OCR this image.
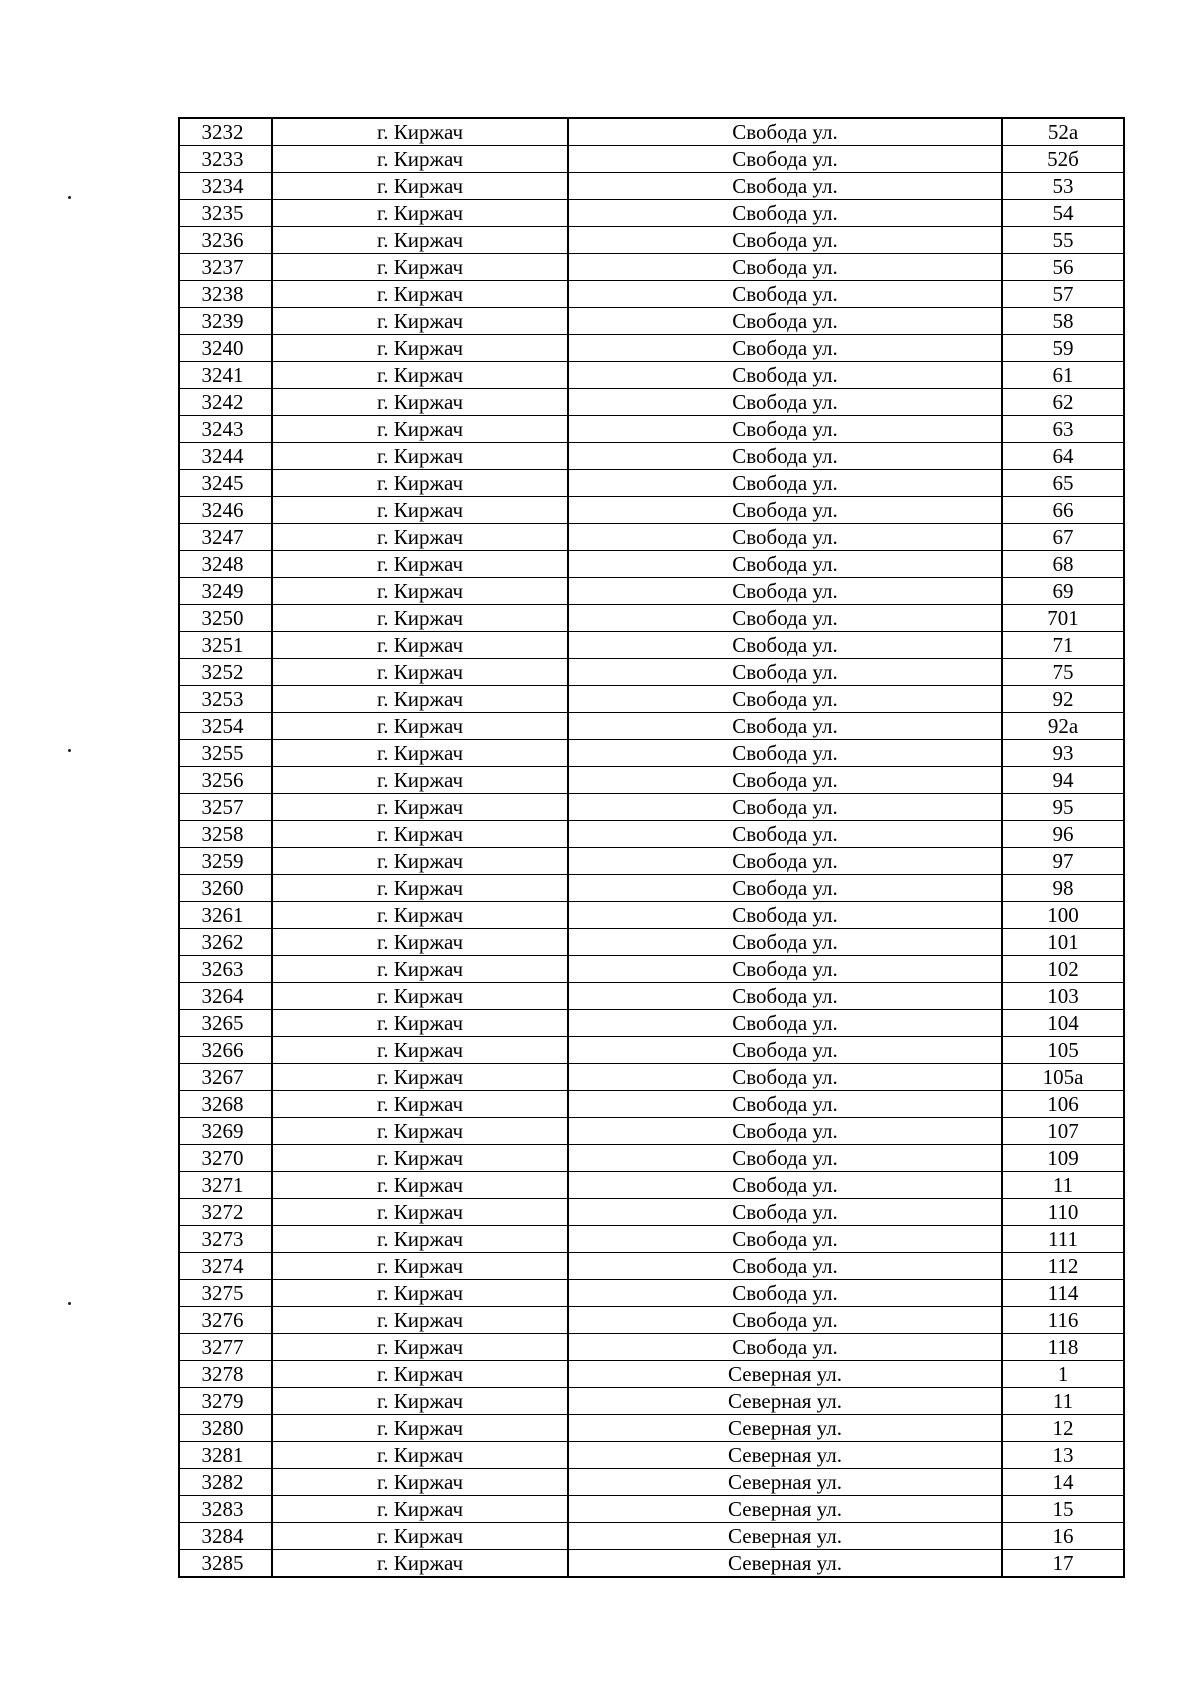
3232	г. Киржач	Свобода ул.	52а
3233	г. Киржач	Свобода ул.	52б
3234	г. Киржач	Свобода ул.	53
3235	г. Киржач	Свобода ул.	54
3236	г. Киржач	Свобода ул.	55
3237	г. Киржач	Свобода ул.	56
3238	г. Киржач	Свобода ул.	57
3239	г. Киржач	Свобода ул.	58
3240	г. Киржач	Свобода ул.	59
3241	г. Киржач	Свобода ул.	61
3242	г. Киржач	Свобода ул.	62
3243	г. Киржач	Свобода ул.	63
3244	г. Киржач	Свобода ул.	64
3245	г. Киржач	Свобода ул.	65
3246	г. Киржач	Свобода ул.	66
3247	г. Киржач	Свобода ул.	67
3248	г. Киржач	Свобода ул.	68
3249	г. Киржач	Свобода ул.	69
3250	г. Киржач	Свобода ул.	701
3251	г. Киржач	Свобода ул.	71
3252	г. Киржач	Свобода ул.	75
3253	г. Киржач	Свобода ул.	92
3254	г. Киржач	Свобода ул.	92а
3255	г. Киржач	Свобода ул.	93
3256	г. Киржач	Свобода ул.	94
3257	г. Киржач	Свобода ул.	95
3258	г. Киржач	Свобода ул.	96
3259	г. Киржач	Свобода ул.	97
3260	г. Киржач	Свобода ул.	98
3261	г. Киржач	Свобода ул.	100
3262	г. Киржач	Свобода ул.	101
3263	г. Киржач	Свобода ул.	102
3264	г. Киржач	Свобода ул.	103
3265	г. Киржач	Свобода ул.	104
3266	г. Киржач	Свобода ул.	105
3267	г. Киржач	Свобода ул.	105а
3268	г. Киржач	Свобода ул.	106
3269	г. Киржач	Свобода ул.	107
3270	г. Киржач	Свобода ул.	109
3271	г. Киржач	Свобода ул.	11
3272	г. Киржач	Свобода ул.	110
3273	г. Киржач	Свобода ул.	111
3274	г. Киржач	Свобода ул.	112
3275	г. Киржач	Свобода ул.	114
3276	г. Киржач	Свобода ул.	116
3277	г. Киржач	Свобода ул.	118
3278	г. Киржач	Северная ул.	1
3279	г. Киржач	Северная ул.	11
3280	г. Киржач	Северная ул.	12
3281	г. Киржач	Северная ул.	13
3282	г. Киржач	Северная ул.	14
3283	г. Киржач	Северная ул.	15
3284	г. Киржач	Северная ул.	16
3285	г. Киржач	Северная ул.	17
